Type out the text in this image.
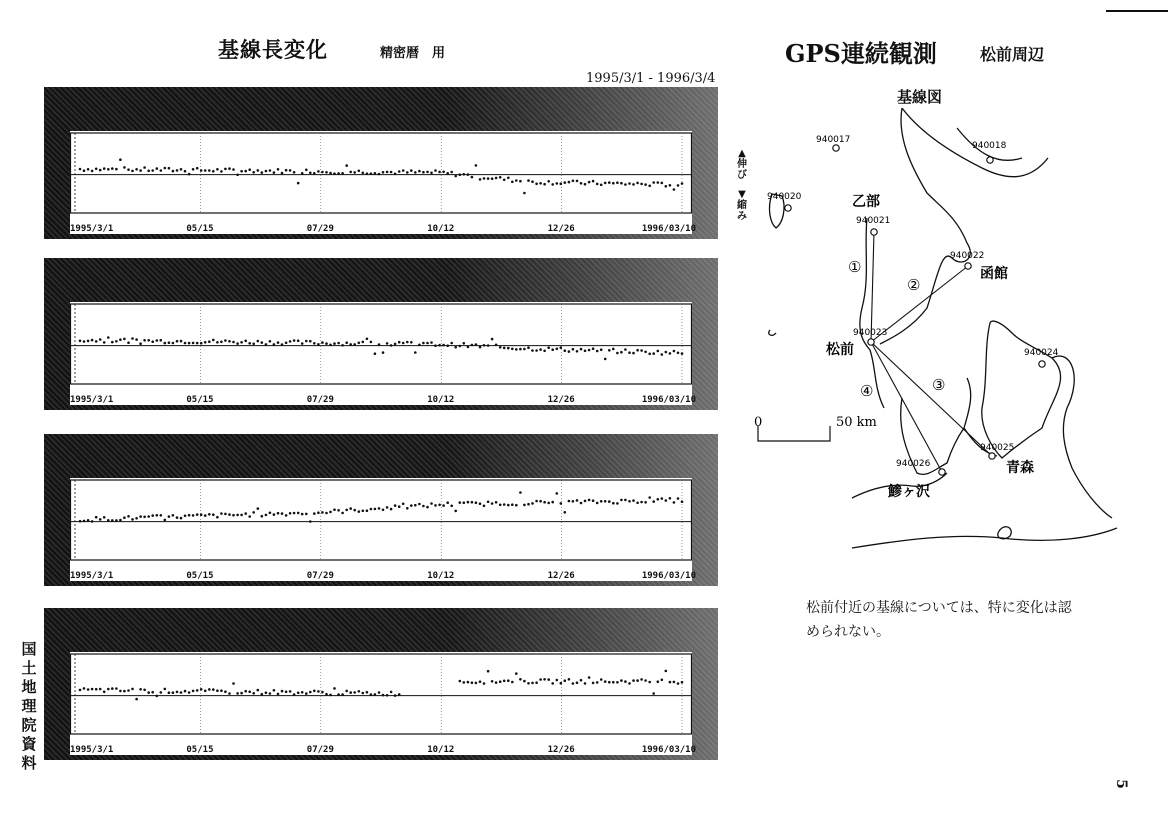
基線長変化	精密暦　用
1995/3/1 - 1996/3/4
GPS連続観測	松前周辺
▲
伸び
▼
縮み
1995/3/1	05/15	07/29	10/12	12/26	1996/03/10
1995/3/1	05/15	07/29	10/12	12/26	1996/03/10
1995/3/1	05/15	07/29	10/12	12/26	1996/03/10
1995/3/1	05/15	07/29	10/12	12/26	1996/03/10
基線図
940017
940018
940020
940021
940022
940023
940024
940025
940026
乙部
函館
松前
青森
鯵ヶ沢
①
②
③
④
0	50 km
松前付近の基線については、特に変化は認められない。
国土地理院資料
5
